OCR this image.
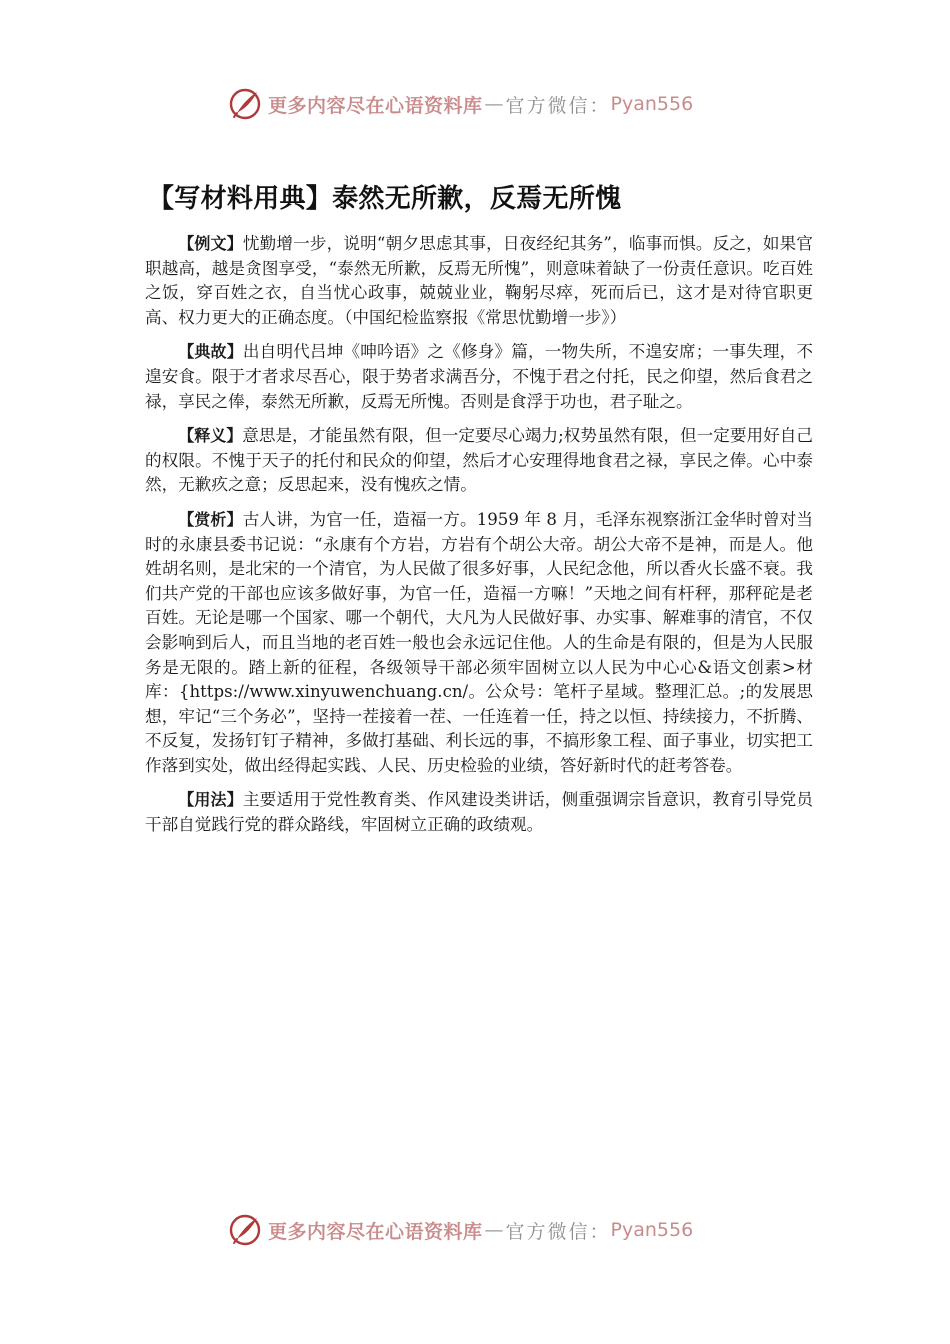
更多内容尽在心语资料库 — 官方微信： Pyan556
【写材料用典】泰然无所歉，反焉无所愧

【例文】忧勤增一步，说明“朝夕思虑其事，日夜经纪其务”，临事而惧。反之，如果官职越高，越是贪图享受，“泰然无所歉，反焉无所愧”，则意味着缺了一份责任意识。吃百姓之饭，穿百姓之衣，自当忧心政事，兢兢业业，鞠躬尽瘁，死而后已，这才是对待官职更高、权力更大的正确态度。（中国纪检监察报《常思忧勤增一步》）

【典故】出自明代吕坤《呻吟语》之《修身》篇，一物失所，不遑安席；一事失理，不遑安食。限于才者求尽吾心，限于势者求满吾分，不愧于君之付托，民之仰望，然后食君之禄，享民之俸，泰然无所歉，反焉无所愧。否则是食浮于功也，君子耻之。

【释义】意思是，才能虽然有限，但一定要尽心竭力;权势虽然有限，但一定要用好自己的权限。不愧于天子的托付和民众的仰望，然后才心安理得地食君之禄，享民之俸。心中泰然，无歉疚之意；反思起来，没有愧疚之情。

【赏析】古人讲，为官一任，造福一方。1959 年 8 月，毛泽东视察浙江金华时曾对当时的永康县委书记说：“永康有个方岩，方岩有个胡公大帝。胡公大帝不是神，而是人。他姓胡名则，是北宋的一个清官，为人民做了很多好事，人民纪念他，所以香火长盛不衰。我们共产党的干部也应该多做好事，为官一任，造福一方嘛！”天地之间有杆秤，那秤砣是老百姓。无论是哪一个国家、哪一个朝代，大凡为人民做好事、办实事、解难事的清官，不仅会影响到后人，而且当地的老百姓一般也会永远记住他。人的生命是有限的，但是为人民服务是无限的。踏上新的征程，各级领导干部必须牢固树立以人民为中心心&语文创素>材库：{https://www.xinyuwenchuang.cn/。公众号：笔杆子星域。整理汇总。;的发展思想，牢记“三个务必”，坚持一茬接着一茬、一任连着一任，持之以恒、持续接力，不折腾、不反复，发扬钉钉子精神，多做打基础、利长远的事，不搞形象工程、面子事业，切实把工作落到实处，做出经得起实践、人民、历史检验的业绩，答好新时代的赶考答卷。

【用法】主要适用于党性教育类、作风建设类讲话，侧重强调宗旨意识，教育引导党员干部自觉践行党的群众路线，牢固树立正确的政绩观。

更多内容尽在心语资料库 — 官方微信： Pyan556
